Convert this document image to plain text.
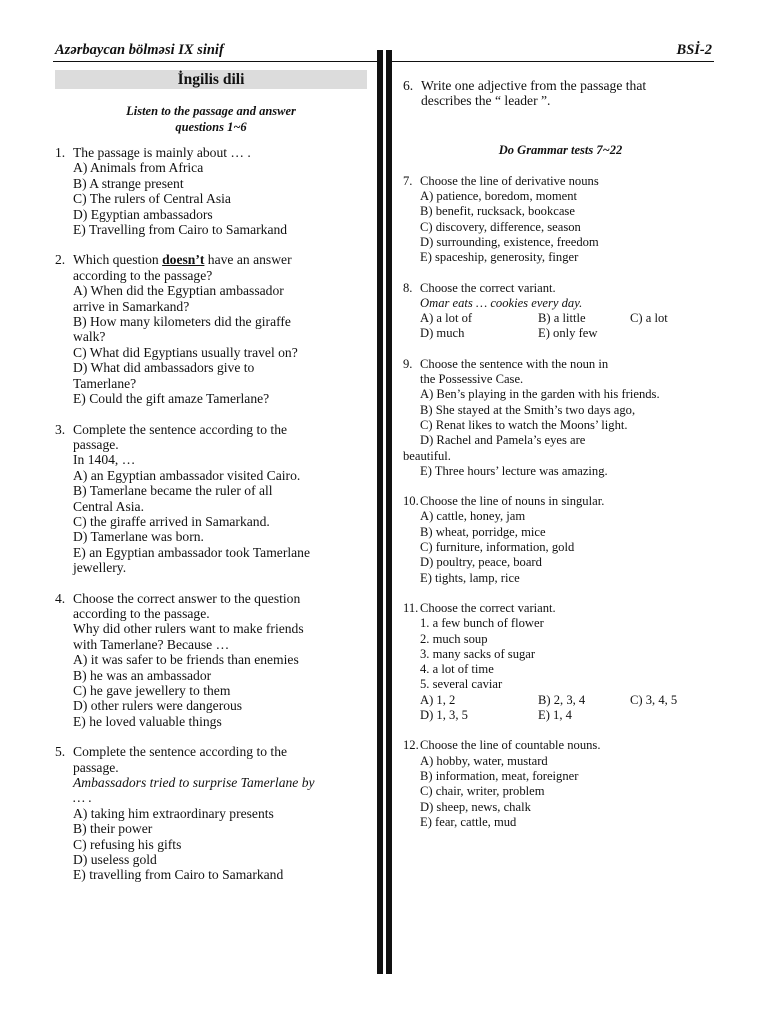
Azərbaycan bölməsi IX sinif	BSİ-2
İngilis dili
Listen to the passage and answer
questions 1~6
1. The passage is mainly about … .
A) Animals from Africa
B) A strange present
C) The rulers of Central Asia
D) Egyptian ambassadors
E) Travelling from Cairo to Samarkand
2. Which question doesn’t have an answer
according to the passage?
A) When did the Egyptian ambassador
arrive in Samarkand?
B) How many kilometers did the giraffe
walk?
C) What did Egyptians usually travel on?
D) What did ambassadors give to
Tamerlane?
E) Could the gift amaze Tamerlane?
3. Complete the sentence according to the
passage.
In 1404, …
A) an Egyptian ambassador visited Cairo.
B) Tamerlane became the ruler of all
Central Asia.
C) the giraffe arrived in Samarkand.
D) Tamerlane was born.
E) an Egyptian ambassador took Tamerlane
jewellery.
4. Choose the correct answer to the question
according to the passage.
Why did other rulers want to make friends
with Tamerlane? Because …
A) it was safer to be friends than enemies
B) he was an ambassador
C) he gave jewellery to them
D) other rulers were dangerous
E) he loved valuable things
5. Complete the sentence according to the
passage.
Ambassadors tried to surprise Tamerlane by
… .
A) taking him extraordinary presents
B) their power
C) refusing his gifts
D) useless gold
E) travelling from Cairo to Samarkand
6. Write one adjective from the passage that
describes the “ leader ”.
Do Grammar tests 7~22
7. Choose the line of derivative nouns
A) patience, boredom, moment
B) benefit, rucksack, bookcase
C) discovery, difference, season
D) surrounding, existence, freedom
E) spaceship, generosity, finger
8. Choose the correct variant.
Omar eats … cookies every day.
A) a lot of	B) a little	C) a lot
D) much	E) only few
9. Choose the sentence with the noun in
the Possessive Case.
A) Ben’s playing in the garden with his friends.
B) She stayed at the Smith’s two days ago,
C) Renat likes to watch the Moons’ light.
D) Rachel and Pamela’s eyes are
beautiful.
E) Three hours’ lecture was amazing.
10. Choose the line of nouns in singular.
A) cattle, honey, jam
B) wheat, porridge, mice
C) furniture, information, gold
D) poultry, peace, board
E) tights, lamp, rice
11. Choose the correct variant.
1. a few bunch of flower
2. much soup
3. many sacks of sugar
4. a lot of time
5. several caviar
A) 1, 2	B) 2, 3, 4	C) 3, 4, 5
D) 1, 3, 5	E) 1, 4
12. Choose the line of countable nouns.
A) hobby, water, mustard
B) information, meat, foreigner
C) chair, writer, problem
D) sheep, news, chalk
E) fear, cattle, mud
